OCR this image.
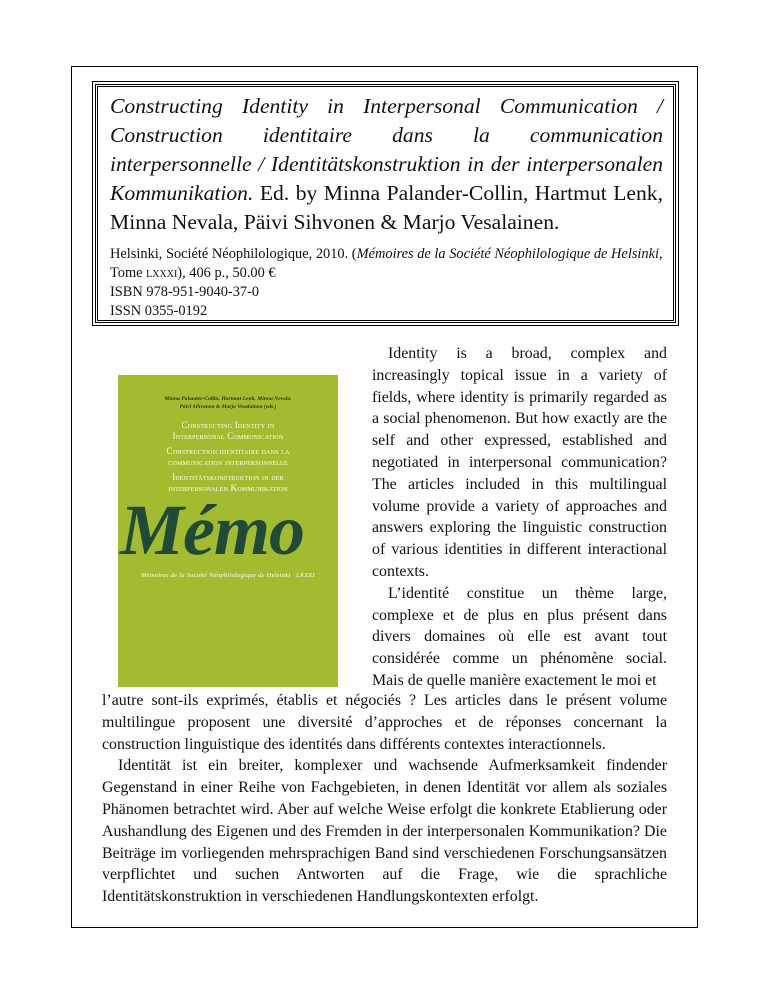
Constructing Identity in Interpersonal Communication / Construction identitaire dans la communication interpersonnelle / Identitätskonstruktion in der interpersonalen Kommunikation. Ed. by Minna Palander-Collin, Hartmut Lenk, Minna Nevala, Päivi Sihvonen & Marjo Vesalainen.

Helsinki, Société Néophilologique, 2010. (Mémoires de la Société Néophilologique de Helsinki, Tome lxxxi), 406 p., 50.00 €
ISBN 978-951-9040-37-0
ISSN 0355-0192
Minna Palander-Collin, Hartmut Lenk, Minna Nevala,
Päivi Sihvonen & Marjo Vesalainen (eds.)
Constructing Identity in
Interpersonal Communication
Construction identitaire dans la
communication interpersonnelle
Identitätskonstruktion in der
interpersonalen Kommunikation
Mémo
Mémoires de la Société Néophilologique de Helsinki · LXXXI

Identity is a broad, complex and increasingly topical issue in a variety of fields, where identity is primarily regarded as a social phenomenon. But how exactly are the self and other expressed, established and negotiated in interpersonal communication? The articles included in this multilingual volume provide a variety of approaches and answers exploring the linguistic construction of various identities in different interactional contexts.

L’identité constitue un thème large, complexe et de plus en plus présent dans divers domaines où elle est avant tout considérée comme un phénomène social. Mais de quelle manière exactement le moi et

l’autre sont-ils exprimés, établis et négociés ? Les articles dans le présent volume multilingue proposent une diversité d’approches et de réponses concernant la construction linguistique des identités dans différents contextes interactionnels.

Identität ist ein breiter, komplexer und wachsende Aufmerksamkeit findender Gegenstand in einer Reihe von Fachgebieten, in denen Identität vor allem als soziales Phänomen betrachtet wird. Aber auf welche Weise erfolgt die konkrete Etablierung oder Aushandlung des Eigenen und des Fremden in der interpersonalen Kommunikation? Die Beiträge im vorliegenden mehrsprachigen Band sind verschiedenen Forschungsansätzen verpflichtet und suchen Antworten auf die Frage, wie die sprachliche Identitätskonstruktion in verschiedenen Handlungskontexten erfolgt.
